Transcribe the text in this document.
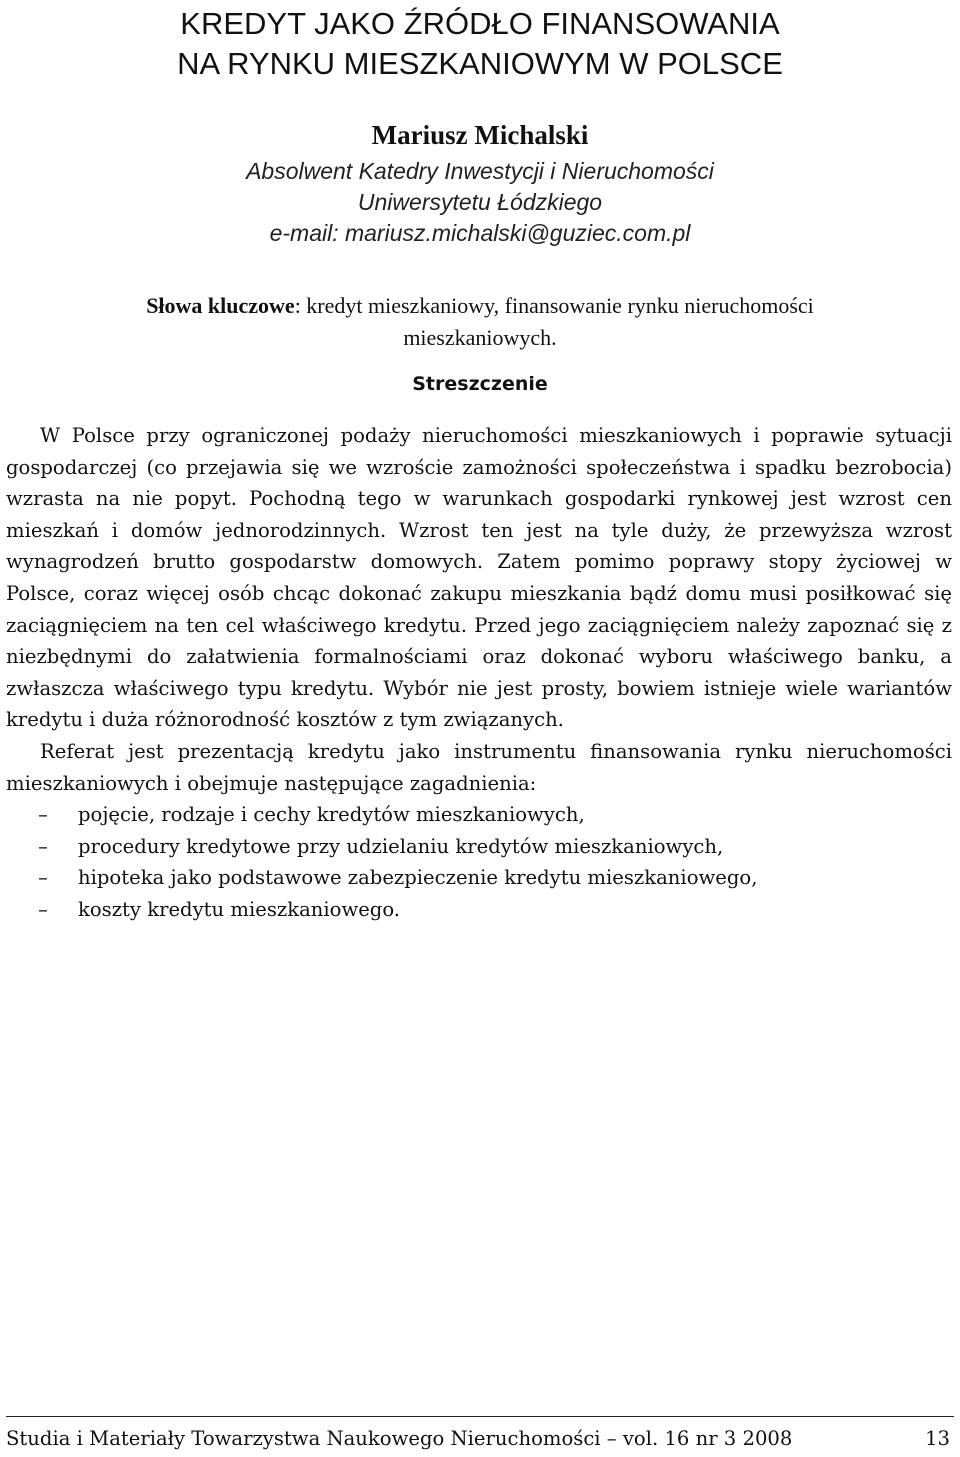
KREDYT JAKO ŹRÓDŁO FINANSOWANIA
NA RYNKU MIESZKANIOWYM W POLSCE
Mariusz Michalski
Absolwent Katedry Inwestycji i Nieruchomości
Uniwersytetu Łódzkiego
e-mail: mariusz.michalski@guziec.com.pl
Słowa kluczowe: kredyt mieszkaniowy, finansowanie rynku nieruchomości
mieszkaniowych.
Streszczenie

W Polsce przy ograniczonej podaży nieruchomości mieszkaniowych i poprawie sytuacji gospodarczej (co przejawia się we wzroście zamożności społeczeństwa i spadku bezrobocia) wzrasta na nie popyt. Pochodną tego w warunkach gospodarki rynkowej jest wzrost cen mieszkań i domów jednorodzinnych. Wzrost ten jest na tyle duży, że przewyższa wzrost wynagrodzeń brutto gospodarstw domowych. Zatem pomimo poprawy stopy życiowej w Polsce, coraz więcej osób chcąc dokonać zakupu mieszkania bądź domu musi posiłkować się zaciągnięciem na ten cel właściwego kredytu. Przed jego zaciągnięciem należy zapoznać się z niezbędnymi do załatwienia formalnościami oraz dokonać wyboru właściwego banku, a zwłaszcza właściwego typu kredytu. Wybór nie jest prosty, bowiem istnieje wiele wariantów kredytu i duża różnorodność kosztów z tym związanych.

Referat jest prezentacją kredytu jako instrumentu finansowania rynku nieruchomości mieszkaniowych i obejmuje następujące zagadnienia:

– pojęcie, rodzaje i cechy kredytów mieszkaniowych,
– procedury kredytowe przy udzielaniu kredytów mieszkaniowych,
– hipoteka jako podstawowe zabezpieczenie kredytu mieszkaniowego,
– koszty kredytu mieszkaniowego.
Studia i Materiały Towarzystwa Naukowego Nieruchomości – vol. 16 nr 3 2008	13
